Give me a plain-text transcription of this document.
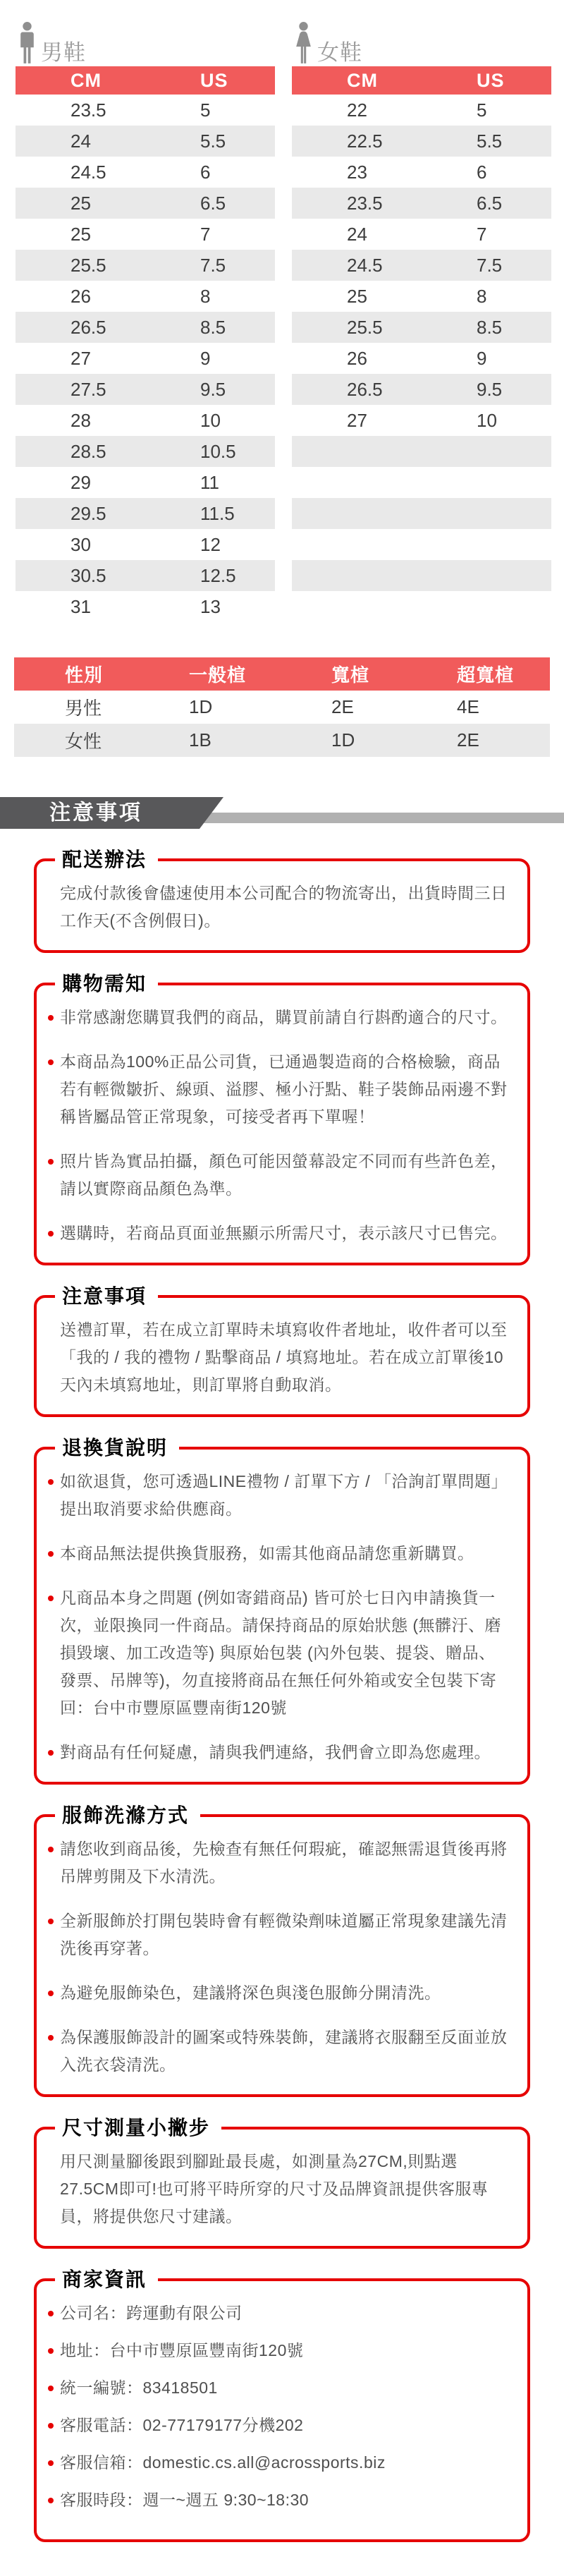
男鞋
CM	US
23.5	5
24	5.5
24.5	6
25	6.5
25	7
25.5	7.5
26	8
26.5	8.5
27	9
27.5	9.5
28	10
28.5	10.5
29	11
29.5	11.5
30	12
30.5	12.5
31	13
女鞋
CM	US
22	5
22.5	5.5
23	6
23.5	6.5
24	7
24.5	7.5
25	8
25.5	8.5
26	9
26.5	9.5
27	10

性別	一般楦	寬楦	超寬楦
男性	1D	2E	4E
女性	1B	1D	2E
注意事項
配送辦法

完成付款後會儘速使用本公司配合的物流寄出，出貨時間三日工作天(不含例假日)。

購物需知
非常感謝您購買我們的商品，購買前請自行斟酌適合的尺寸。
本商品為100%正品公司貨，已通過製造商的合格檢驗，商品若有輕微皺折、線頭、溢膠、極小汙點、鞋子裝飾品兩邊不對稱皆屬品管正常現象，可接受者再下單喔！
照片皆為實品拍攝，顏色可能因螢幕設定不同而有些許色差，請以實際商品顏色為準。
選購時，若商品頁面並無顯示所需尺寸，表示該尺寸已售完。
注意事項

送禮訂單，若在成立訂單時未填寫收件者地址，收件者可以至「我的 / 我的禮物 / 點擊商品 / 填寫地址。若在成立訂單後10天內未填寫地址，則訂單將自動取消。

退換貨說明
如欲退貨，您可透過LINE禮物 / 訂單下方 / 「洽詢訂單問題」提出取消要求給供應商。
本商品無法提供換貨服務，如需其他商品請您重新購買。
凡商品本身之問題 (例如寄錯商品) 皆可於七日內申請換貨一次，並限換同一件商品。請保持商品的原始狀態 (無髒汙、磨損毀壞、加工改造等) 與原始包裝 (內外包裝、提袋、贈品、發票、吊牌等)，勿直接將商品在無任何外箱或安全包裝下寄回：台中市豐原區豐南街120號
對商品有任何疑慮，請與我們連絡，我們會立即為您處理。
服飾洗滌方式
請您收到商品後，先檢查有無任何瑕疵，確認無需退貨後再將吊牌剪開及下水清洗。
全新服飾於打開包裝時會有輕微染劑味道屬正常現象建議先清洗後再穿著。
為避免服飾染色，建議將深色與淺色服飾分開清洗。
為保護服飾設計的圖案或特殊裝飾，建議將衣服翻至反面並放入洗衣袋清洗。
尺寸測量小撇步

用尺測量腳後跟到腳趾最長處，如測量為27CM,則點選27.5CM即可!也可將平時所穿的尺寸及品牌資訊提供客服專員，將提供您尺寸建議。

商家資訊
公司名：跨運動有限公司
地址：台中市豐原區豐南街120號
統一編號：83418501
客服電話：02-77179177分機202
客服信箱：domestic.cs.all@acrossports.biz
客服時段：週一~週五 9:30~18:30
